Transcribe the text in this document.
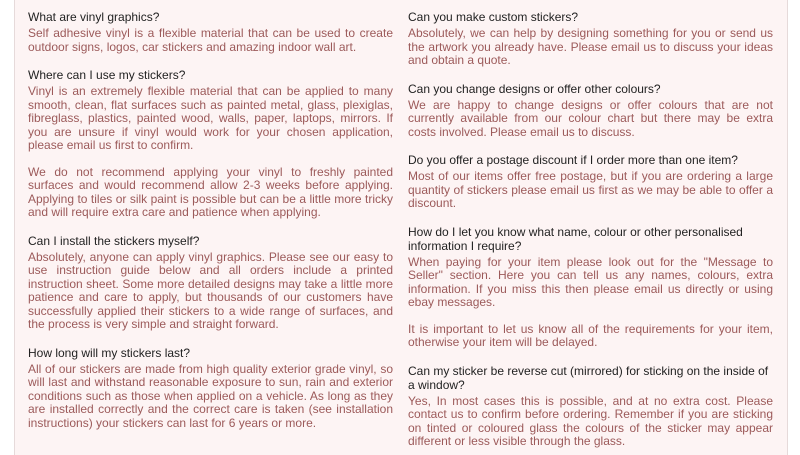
What are vinyl graphics?

Self adhesive vinyl is a flexible material that can be used to create outdoor signs, logos, car stickers and amazing indoor wall art.

Where can I use my stickers?

Vinyl is an extremely flexible material that can be applied to many smooth, clean, flat surfaces such as painted metal, glass, plexiglas, fibreglass, plastics, painted wood, walls, paper, laptops, mirrors. If you are unsure if vinyl would work for your chosen application, please email us first to confirm.

We do not recommend applying your vinyl to freshly painted surfaces and would recommend allow 2-3 weeks before applying. Applying to tiles or silk paint is possible but can be a little more tricky and will require extra care and patience when applying.

Can I install the stickers myself?

Absolutely, anyone can apply vinyl graphics. Please see our easy to use instruction guide below and all orders include a printed instruction sheet. Some more detailed designs may take a little more patience and care to apply, but thousands of our customers have successfully applied their stickers to a wide range of surfaces, and the process is very simple and straight forward.

How long will my stickers last?

All of our stickers are made from high quality exterior grade vinyl, so will last and withstand reasonable exposure to sun, rain and exterior conditions such as those when applied on a vehicle. As long as they are installed correctly and the correct care is taken (see installation instructions) your stickers can last for 6 years or more.

Can you make custom stickers?

Absolutely, we can help by designing something for you or send us the artwork you already have. Please email us to discuss your ideas and obtain a quote.

Can you change designs or offer other colours?

We are happy to change designs or offer colours that are not currently available from our colour chart but there may be extra costs involved. Please email us to discuss.

Do you offer a postage discount if I order more than one item?

Most of our items offer free postage, but if you are ordering a large quantity of stickers please email us first as we may be able to offer a discount.

How do I let you know what name, colour or other personalised information I require?

When paying for your item please look out for the "Message to Seller" section. Here you can tell us any names, colours, extra information. If you miss this then please email us directly or using ebay messages.

It is important to let us know all of the requirements for your item, otherwise your item will be delayed.

Can my sticker be reverse cut (mirrored) for sticking on the inside of a window?

Yes, In most cases this is possible, and at no extra cost. Please contact us to confirm before ordering. Remember if you are sticking on tinted or coloured glass the colours of the sticker may appear different or less visible through the glass.
